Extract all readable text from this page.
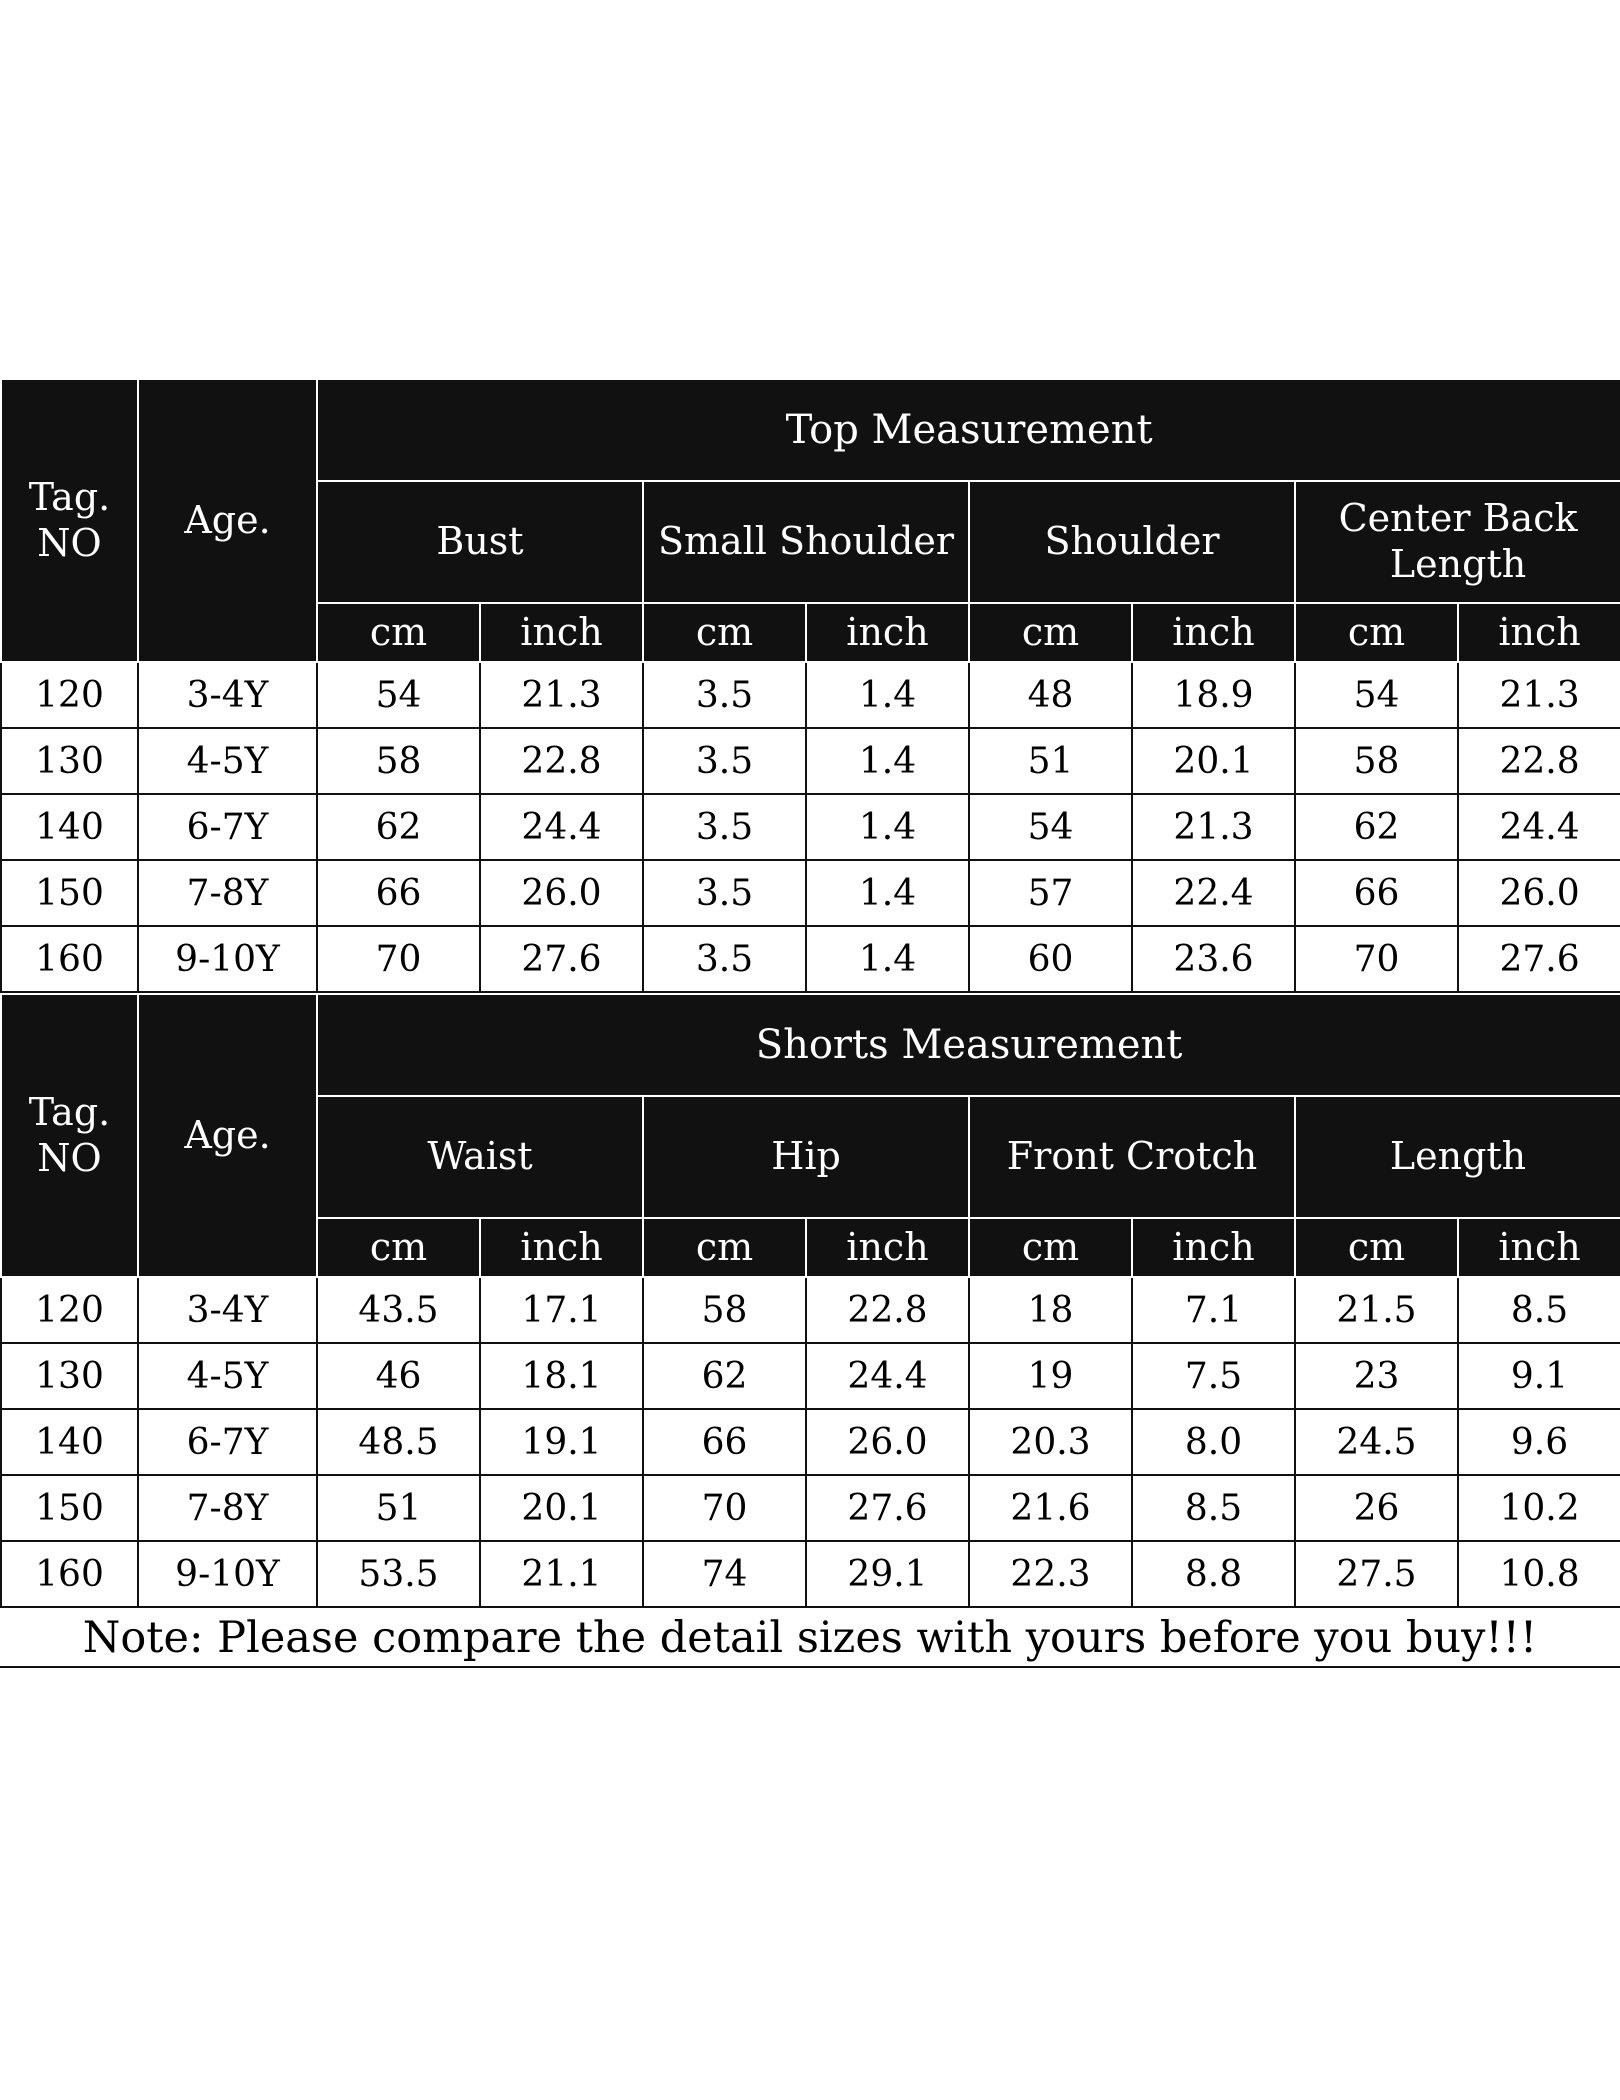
Tag.
NO	Age.	Top Measurement							
		Bust		Small Shoulder		Shoulder		Center Back Length	
		cm	inch	cm	inch	cm	inch	cm	inch
120	3-4Y	54	21.3	3.5	1.4	48	18.9	54	21.3
130	4-5Y	58	22.8	3.5	1.4	51	20.1	58	22.8
140	6-7Y	62	24.4	3.5	1.4	54	21.3	62	24.4
150	7-8Y	66	26.0	3.5	1.4	57	22.4	66	26.0
160	9-10Y	70	27.6	3.5	1.4	60	23.6	70	27.6
Tag.
NO	Age.	Shorts Measurement							
		Waist		Hip		Front Crotch		Length	
		cm	inch	cm	inch	cm	inch	cm	inch
120	3-4Y	43.5	17.1	58	22.8	18	7.1	21.5	8.5
130	4-5Y	46	18.1	62	24.4	19	7.5	23	9.1
140	6-7Y	48.5	19.1	66	26.0	20.3	8.0	24.5	9.6
150	7-8Y	51	20.1	70	27.6	21.6	8.5	26	10.2
160	9-10Y	53.5	21.1	74	29.1	22.3	8.8	27.5	10.8
Note: Please compare the detail sizes with yours before you buy!!!
